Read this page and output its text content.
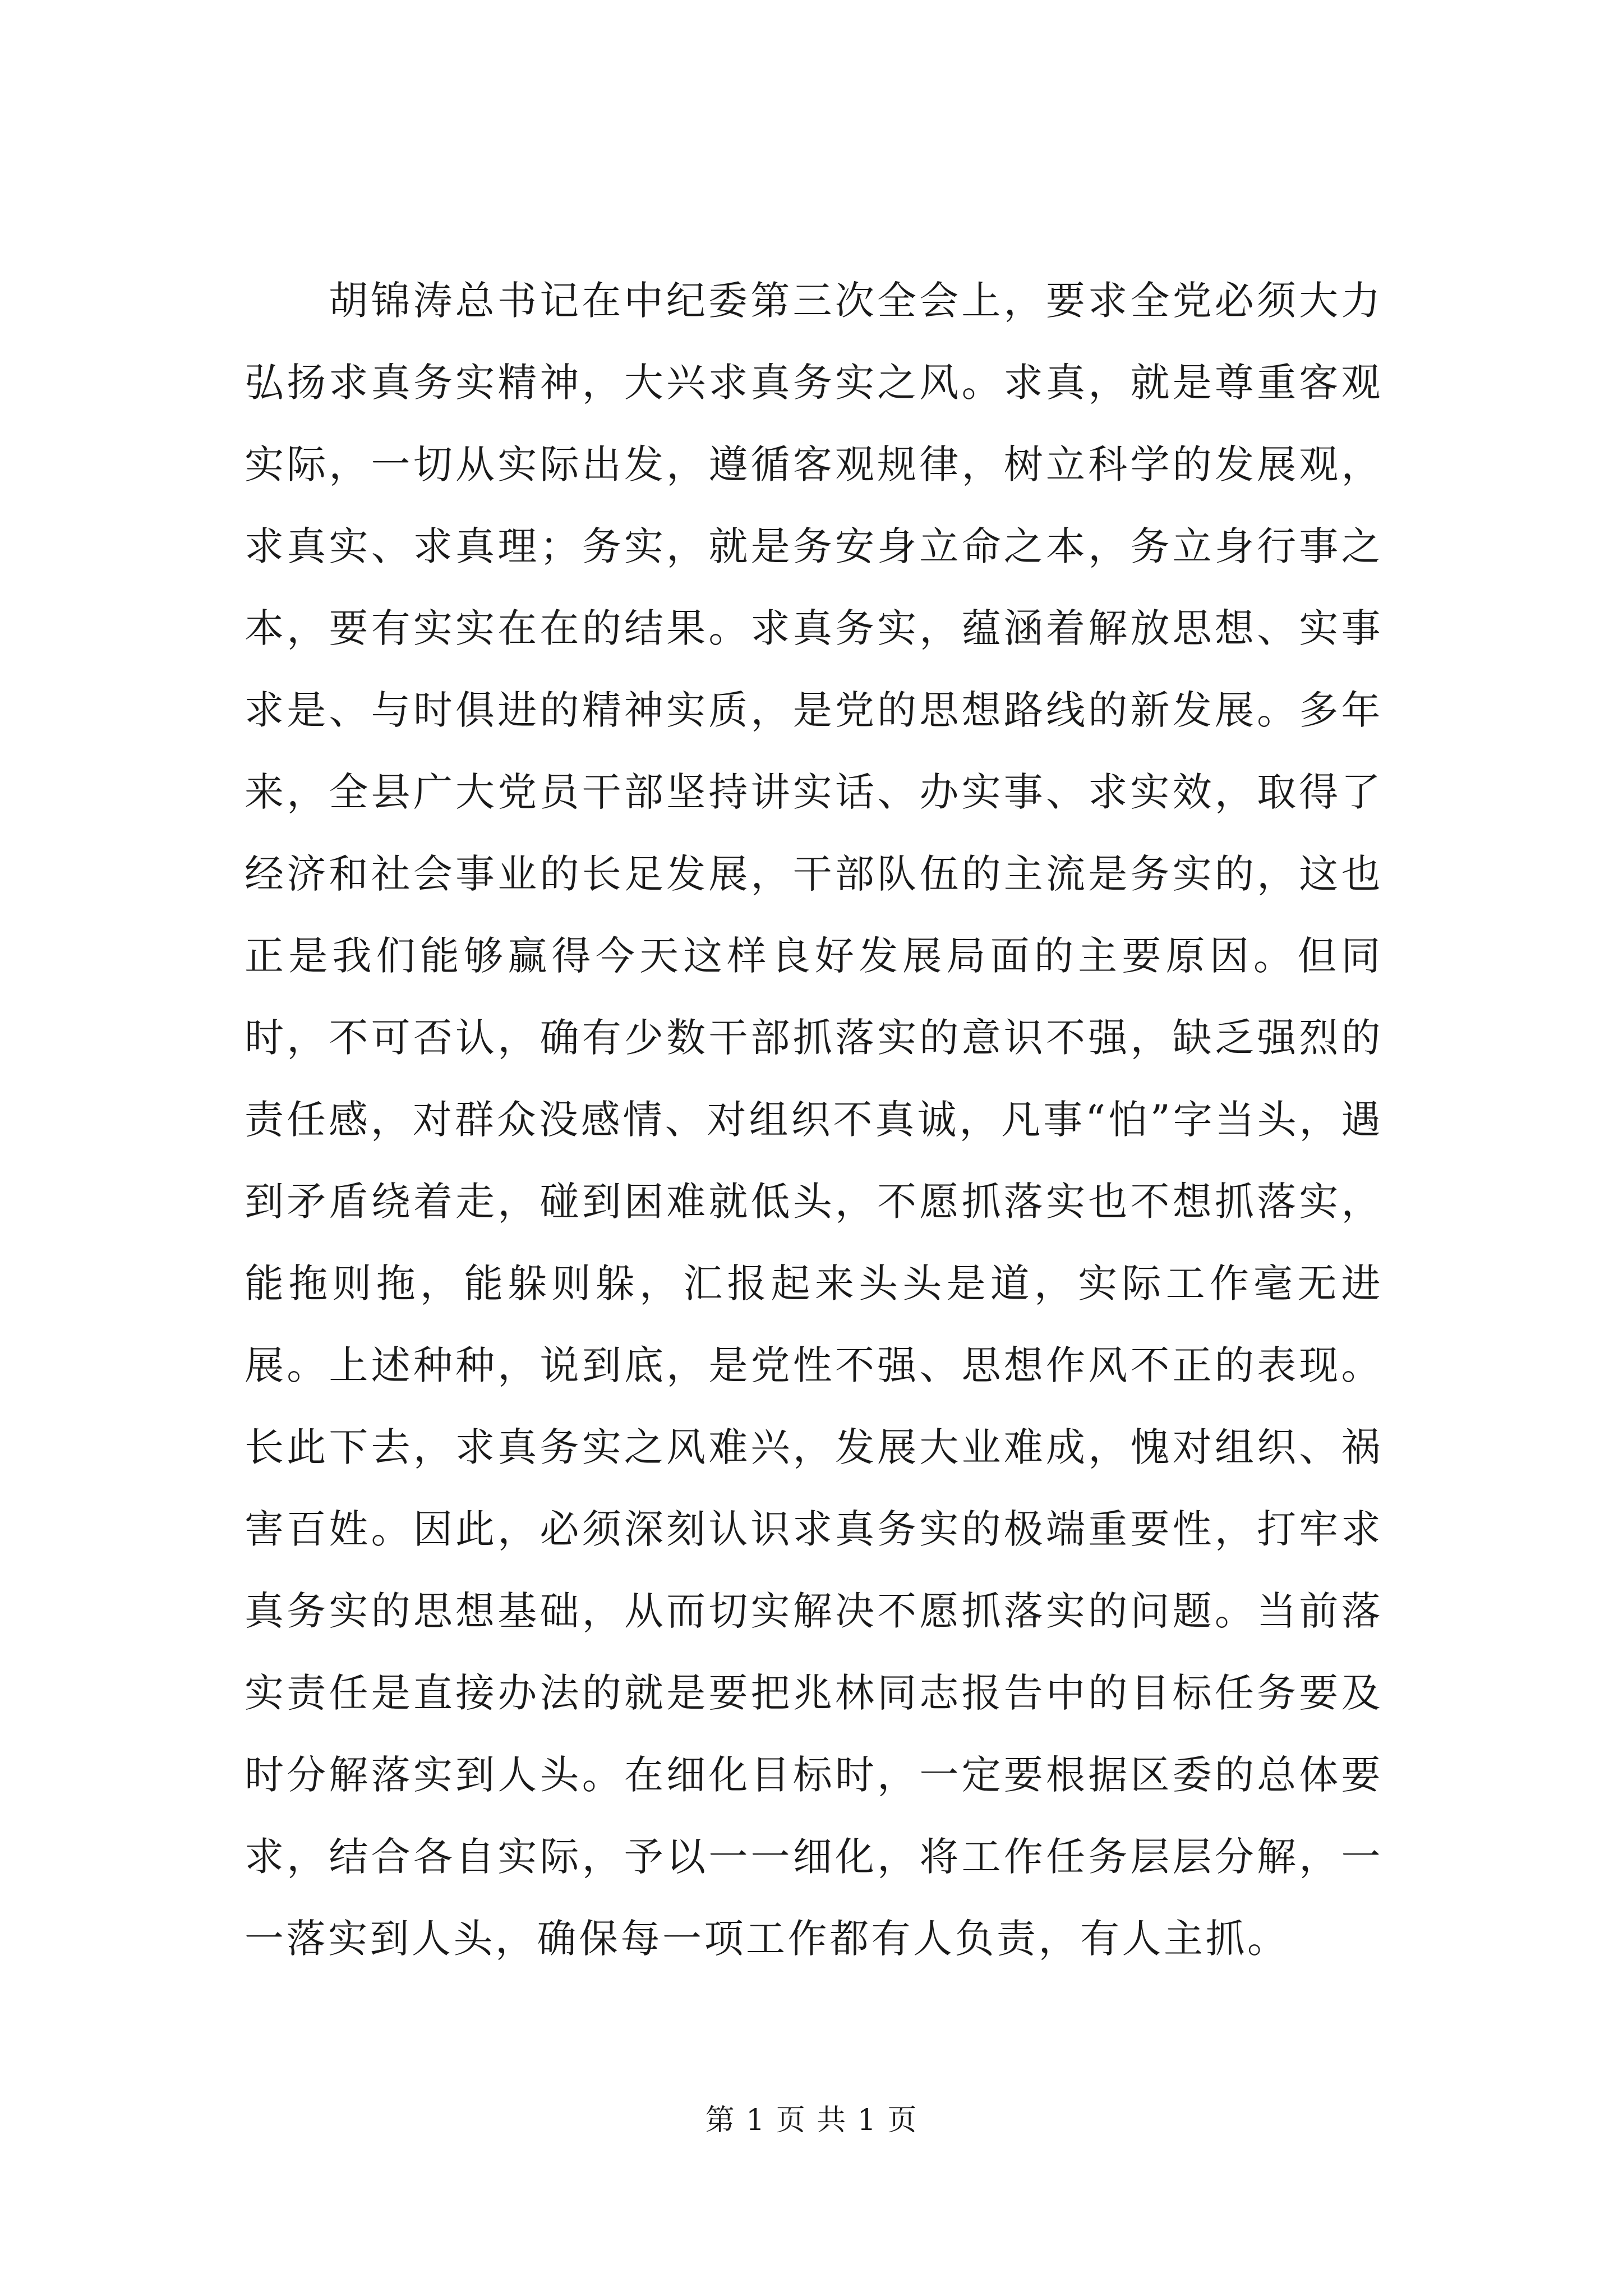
胡锦涛总书记在中纪委第三次全会上，要求全党必须大力弘扬求真务实精神，大兴求真务实之风。求真，就是尊重客观实际，一切从实际出发，遵循客观规律，树立科学的发展观，求真实、求真理；务实，就是务安身立命之本，务立身行事之本，要有实实在在的结果。求真务实，蕴涵着解放思想、实事求是、与时俱进的精神实质，是党的思想路线的新发展。多年来，全县广大党员干部坚持讲实话、办实事、求实效，取得了经济和社会事业的长足发展，干部队伍的主流是务实的，这也正是我们能够赢得今天这样良好发展局面的主要原因。但同时，不可否认，确有少数干部抓落实的意识不强，缺乏强烈的责任感，对群众没感情、对组织不真诚，凡事“怕”字当头，遇到矛盾绕着走，碰到困难就低头，不愿抓落实也不想抓落实，能拖则拖，能躲则躲，汇报起来头头是道，实际工作毫无进展。上述种种，说到底，是党性不强、思想作风不正的表现。长此下去，求真务实之风难兴，发展大业难成，愧对组织、祸害百姓。因此，必须深刻认识求真务实的极端重要性，打牢求真务实的思想基础，从而切实解决不愿抓落实的问题。当前落实责任是直接办法的就是要把兆林同志报告中的目标任务要及时分解落实到人头。在细化目标时，一定要根据区委的总体要求，结合各自实际，予以一一细化，将工作任务层层分解，一一落实到人头，确保每一项工作都有人负责，有人主抓。

第 1 页 共 1 页
